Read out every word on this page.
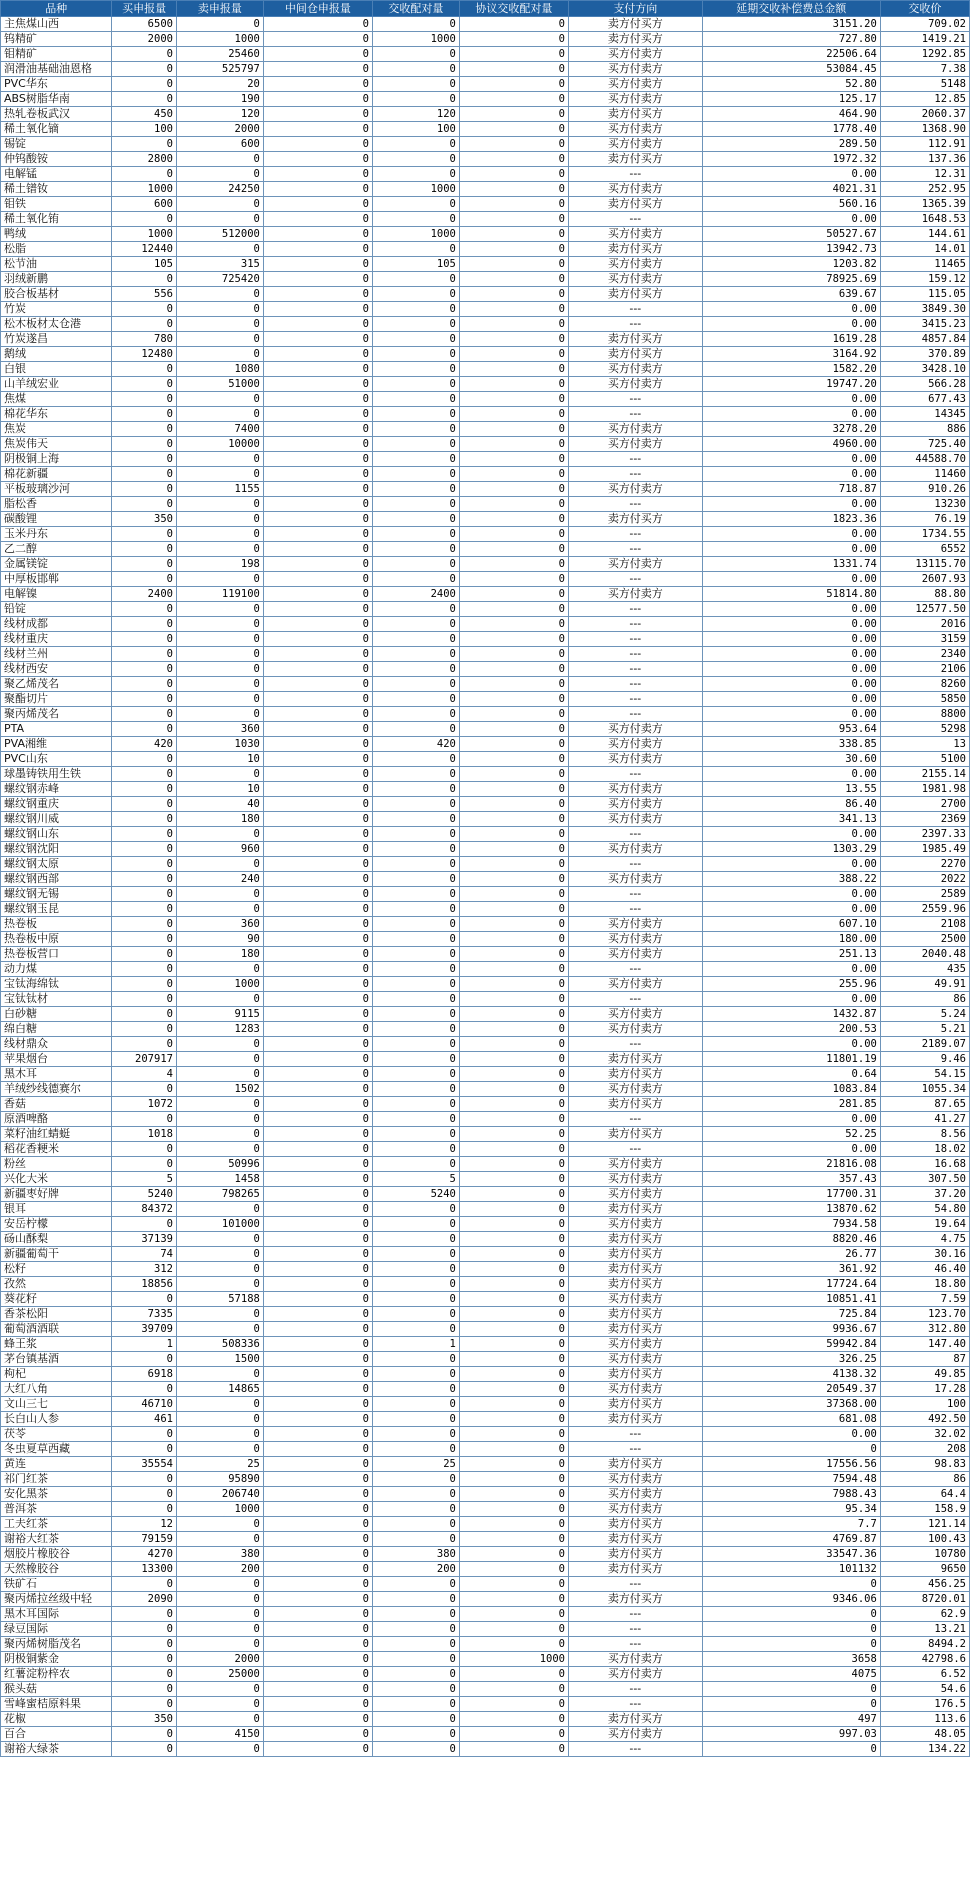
品种	买申报量	卖申报量	中间仓申报量	交收配对量	协议交收配对量	支付方向	延期交收补偿费总金额	交收价
主焦煤山西	6500	0	0	0	0	卖方付买方	3151.20	709.02
钨精矿	2000	1000	0	1000	0	卖方付买方	727.80	1419.21
钼精矿	0	25460	0	0	0	买方付卖方	22506.64	1292.85
润滑油基础油恩格	0	525797	0	0	0	买方付卖方	53084.45	7.38
PVC华东	0	20	0	0	0	买方付卖方	52.80	5148
ABS树脂华南	0	190	0	0	0	买方付卖方	125.17	12.85
热轧卷板武汉	450	120	0	120	0	卖方付买方	464.90	2060.37
稀土氧化镝	100	2000	0	100	0	买方付卖方	1778.40	1368.90
锡锭	0	600	0	0	0	买方付卖方	289.50	112.91
仲钨酸铵	2800	0	0	0	0	卖方付买方	1972.32	137.36
电解锰	0	0	0	0	0	---	0.00	12.31
稀土镨钕	1000	24250	0	1000	0	买方付卖方	4021.31	252.95
钼铁	600	0	0	0	0	卖方付买方	560.16	1365.39
稀土氧化铕	0	0	0	0	0	---	0.00	1648.53
鸭绒	1000	512000	0	1000	0	买方付卖方	50527.67	144.61
松脂	12440	0	0	0	0	卖方付买方	13942.73	14.01
松节油	105	315	0	105	0	买方付卖方	1203.82	11465
羽绒新鹏	0	725420	0	0	0	买方付卖方	78925.69	159.12
胶合板基材	556	0	0	0	0	卖方付买方	639.67	115.05
竹炭	0	0	0	0	0	---	0.00	3849.30
松木板材太仓港	0	0	0	0	0	---	0.00	3415.23
竹炭遂昌	780	0	0	0	0	卖方付买方	1619.28	4857.84
鹅绒	12480	0	0	0	0	卖方付买方	3164.92	370.89
白银	0	1080	0	0	0	买方付卖方	1582.20	3428.10
山羊绒宏业	0	51000	0	0	0	买方付卖方	19747.20	566.28
焦煤	0	0	0	0	0	---	0.00	677.43
棉花华东	0	0	0	0	0	---	0.00	14345
焦炭	0	7400	0	0	0	买方付卖方	3278.20	886
焦炭伟天	0	10000	0	0	0	买方付卖方	4960.00	725.40
阴极铜上海	0	0	0	0	0	---	0.00	44588.70
棉花新疆	0	0	0	0	0	---	0.00	11460
平板玻璃沙河	0	1155	0	0	0	买方付卖方	718.87	910.26
脂松香	0	0	0	0	0	---	0.00	13230
碳酸锂	350	0	0	0	0	卖方付买方	1823.36	76.19
玉米丹东	0	0	0	0	0	---	0.00	1734.55
乙二醇	0	0	0	0	0	---	0.00	6552
金属镁锭	0	198	0	0	0	买方付卖方	1331.74	13115.70
中厚板邯郸	0	0	0	0	0	---	0.00	2607.93
电解镍	2400	119100	0	2400	0	买方付卖方	51814.80	88.80
铅锭	0	0	0	0	0	---	0.00	12577.50
线材成都	0	0	0	0	0	---	0.00	2016
线材重庆	0	0	0	0	0	---	0.00	3159
线材兰州	0	0	0	0	0	---	0.00	2340
线材西安	0	0	0	0	0	---	0.00	2106
聚乙烯茂名	0	0	0	0	0	---	0.00	8260
聚酯切片	0	0	0	0	0	---	0.00	5850
聚丙烯茂名	0	0	0	0	0	---	0.00	8800
PTA	0	360	0	0	0	买方付卖方	953.64	5298
PVA湘维	420	1030	0	420	0	买方付卖方	338.85	13
PVC山东	0	10	0	0	0	买方付卖方	30.60	5100
球墨铸铁用生铁	0	0	0	0	0	---	0.00	2155.14
螺纹钢赤峰	0	10	0	0	0	买方付卖方	13.55	1981.98
螺纹钢重庆	0	40	0	0	0	买方付卖方	86.40	2700
螺纹钢川威	0	180	0	0	0	买方付卖方	341.13	2369
螺纹钢山东	0	0	0	0	0	---	0.00	2397.33
螺纹钢沈阳	0	960	0	0	0	买方付卖方	1303.29	1985.49
螺纹钢太原	0	0	0	0	0	---	0.00	2270
螺纹钢西部	0	240	0	0	0	买方付卖方	388.22	2022
螺纹钢无锡	0	0	0	0	0	---	0.00	2589
螺纹钢玉昆	0	0	0	0	0	---	0.00	2559.96
热卷板	0	360	0	0	0	买方付卖方	607.10	2108
热卷板中原	0	90	0	0	0	买方付卖方	180.00	2500
热卷板营口	0	180	0	0	0	买方付卖方	251.13	2040.48
动力煤	0	0	0	0	0	---	0.00	435
宝钛海绵钛	0	1000	0	0	0	买方付卖方	255.96	49.91
宝钛钛材	0	0	0	0	0	---	0.00	86
白砂糖	0	9115	0	0	0	买方付卖方	1432.87	5.24
绵白糖	0	1283	0	0	0	买方付卖方	200.53	5.21
线材鼎众	0	0	0	0	0	---	0.00	2189.07
苹果烟台	207917	0	0	0	0	卖方付买方	11801.19	9.46
黑木耳	4	0	0	0	0	卖方付买方	0.64	54.15
羊绒纱线德赛尔	0	1502	0	0	0	买方付卖方	1083.84	1055.34
香菇	1072	0	0	0	0	卖方付买方	281.85	87.65
原酒啤酪	0	0	0	0	0	---	0.00	41.27
菜籽油红蜻蜓	1018	0	0	0	0	卖方付买方	52.25	8.56
稻花香粳米	0	0	0	0	0	---	0.00	18.02
粉丝	0	50996	0	0	0	买方付卖方	21816.08	16.68
兴化大米	5	1458	0	5	0	买方付卖方	357.43	307.50
新疆枣好牌	5240	798265	0	5240	0	买方付卖方	17700.31	37.20
银耳	84372	0	0	0	0	卖方付买方	13870.62	54.80
安岳柠檬	0	101000	0	0	0	买方付卖方	7934.58	19.64
砀山酥梨	37139	0	0	0	0	卖方付买方	8820.46	4.75
新疆葡萄干	74	0	0	0	0	卖方付买方	26.77	30.16
松籽	312	0	0	0	0	卖方付买方	361.92	46.40
孜然	18856	0	0	0	0	卖方付买方	17724.64	18.80
葵花籽	0	57188	0	0	0	买方付卖方	10851.41	7.59
香茶松阳	7335	0	0	0	0	卖方付买方	725.84	123.70
葡萄酒酒联	39709	0	0	0	0	卖方付买方	9936.67	312.80
蜂王浆	1	508336	0	1	0	买方付卖方	59942.84	147.40
茅台镇基酒	0	1500	0	0	0	买方付卖方	326.25	87
枸杞	6918	0	0	0	0	卖方付买方	4138.32	49.85
大红八角	0	14865	0	0	0	买方付卖方	20549.37	17.28
文山三七	46710	0	0	0	0	卖方付买方	37368.00	100
长白山人参	461	0	0	0	0	卖方付买方	681.08	492.50
茯苓	0	0	0	0	0	---	0.00	32.02
冬虫夏草西藏	0	0	0	0	0	---	0	208
黄连	35554	25	0	25	0	卖方付买方	17556.56	98.83
祁门红茶	0	95890	0	0	0	买方付卖方	7594.48	86
安化黑茶	0	206740	0	0	0	买方付卖方	7988.43	64.4
普洱茶	0	1000	0	0	0	买方付卖方	95.34	158.9
工夫红茶	12	0	0	0	0	卖方付买方	7.7	121.14
谢裕大红茶	79159	0	0	0	0	卖方付买方	4769.87	100.43
烟胶片橡胶谷	4270	380	0	380	0	卖方付买方	33547.36	10780
天然橡胶谷	13300	200	0	200	0	卖方付买方	101132	9650
铁矿石	0	0	0	0	0	---	0	456.25
聚丙烯拉丝级中轻	2090	0	0	0	0	卖方付买方	9346.06	8720.01
黑木耳国际	0	0	0	0	0	---	0	62.9
绿豆国际	0	0	0	0	0	---	0	13.21
聚丙烯树脂茂名	0	0	0	0	0	---	0	8494.2
阴极铜紫金	0	2000	0	0	1000	买方付卖方	3658	42798.6
红薯淀粉梓农	0	25000	0	0	0	买方付卖方	4075	6.52
猴头菇	0	0	0	0	0	---	0	54.6
雪峰蜜桔原料果	0	0	0	0	0	---	0	176.5
花椒	350	0	0	0	0	卖方付买方	497	113.6
百合	0	4150	0	0	0	买方付卖方	997.03	48.05
谢裕大绿茶	0	0	0	0	0	---	0	134.22
